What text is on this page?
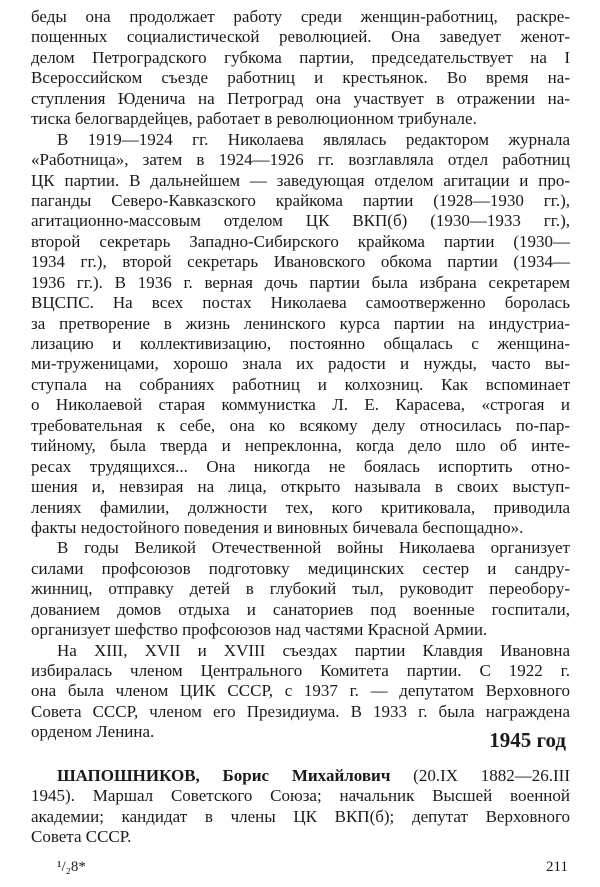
беды она продолжает работу среди женщин-работниц, раскре-
пощенных социалистической революцией. Она заведует женот-
делом Петроградского губкома партии, председательствует на I
Всероссийском съезде работниц и крестьянок. Во время на-
ступления Юденича на Петроград она участвует в отражении на-
тиска белогвардейцев, работает в революционном трибунале.
В 1919—1924 гг. Николаева являлась редактором журнала
«Работница», затем в 1924—1926 гг. возглавляла отдел работниц
ЦК партии. В дальнейшем — заведующая отделом агитации и про-
паганды Северо-Кавказского крайкома партии (1928—1930 гг.),
агитационно-массовым отделом ЦК ВКП(б) (1930—1933 гг.),
второй секретарь Западно-Сибирского крайкома партии (1930—
1934 гг.), второй секретарь Ивановского обкома партии (1934—
1936 гг.). В 1936 г. верная дочь партии была избрана секретарем
ВЦСПС. На всех постах Николаева самоотверженно боролась
за претворение в жизнь ленинского курса партии на индустриа-
лизацию и коллективизацию, постоянно общалась с женщина-
ми-труженицами, хорошо знала их радости и нужды, часто вы-
ступала на собраниях работниц и колхозниц. Как вспоминает
о Николаевой старая коммунистка Л. Е. Карасева, «строгая и
требовательная к себе, она ко всякому делу относилась по-пар-
тийному, была тверда и непреклонна, когда дело шло об инте-
ресах трудящихся... Она никогда не боялась испортить отно-
шения и, невзирая на лица, открыто называла в своих выступ-
лениях фамилии, должности тех, кого критиковала, приводила
факты недостойного поведения и виновных бичевала беспощадно».
В годы Великой Отечественной войны Николаева организует
силами профсоюзов подготовку медицинских сестер и сандру-
жинниц, отправку детей в глубокий тыл, руководит переобору-
дованием домов отдыха и санаториев под военные госпитали,
организует шефство профсоюзов над частями Красной Армии.
На XIII, XVII и XVIII съездах партии Клавдия Ивановна
избиралась членом Центрального Комитета партии. С 1922 г.
она была членом ЦИК СССР, с 1937 г. — депутатом Верховного
Совета СССР, членом его Президиума. В 1933 г. была награждена
орденом Ленина.	1945 год
ШАПОШНИКОВ, Борис Михайлович (20.IX 1882—26.III
1945). Маршал Советского Союза; начальник Высшей военной
академии; кандидат в члены ЦК ВКП(б); депутат Верховного
Совета СССР.
¹/₂8*	211
